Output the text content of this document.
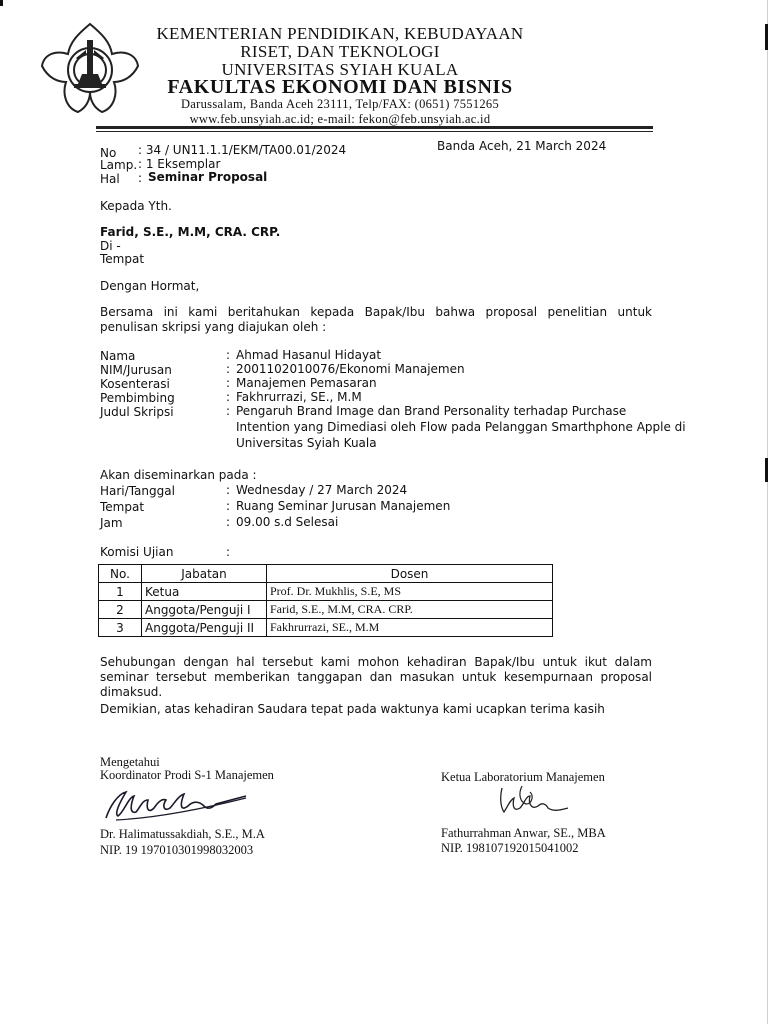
KEMENTERIAN PENDIDIKAN, KEBUDAYAAN
RISET, DAN TEKNOLOGI
UNIVERSITAS SYIAH KUALA
FAKULTAS EKONOMI DAN BISNIS
Darussalam, Banda Aceh 23111, Telp/FAX: (0651) 7551265
www.feb.unsyiah.ac.id; e-mail: fekon@feb.unsyiah.ac.id
No : 34 / UN11.1.1/EKM/TA00.01/2024
Lamp. : 1 Eksemplar
Hal : Seminar Proposal
Banda Aceh, 21 March 2024
Kepada Yth.
Farid, S.E., M.M, CRA. CRP.
Di -
Tempat
Dengan Hormat,
Bersama ini kami beritahukan kepada Bapak/Ibu bahwa proposal penelitian untuk penulisan skripsi yang diajukan oleh :
Nama	: Ahmad Hasanul Hidayat
NIM/Jurusan	: 2001102010076/Ekonomi Manajemen
Kosenterasi	: Manajemen Pemasaran
Pembimbing	: Fakhrurrazi, SE., M.M
Judul Skripsi	: Pengaruh Brand Image dan Brand Personality terhadap Purchase
Intention yang Dimediasi oleh Flow pada Pelanggan Smarthphone Apple di
Universitas Syiah Kuala
Akan diseminarkan pada :
Hari/Tanggal	: Wednesday / 27 March 2024
Tempat	: Ruang Seminar Jurusan Manajemen
Jam	: 09.00 s.d Selesai
Komisi Ujian	:
No.	Jabatan	Dosen
1	Ketua	Prof. Dr. Mukhlis, S.E, MS
2	Anggota/Penguji I	Farid, S.E., M.M, CRA. CRP.
3	Anggota/Penguji II	Fakhrurrazi, SE., M.M
Sehubungan dengan hal tersebut kami mohon kehadiran Bapak/Ibu untuk ikut dalam seminar tersebut memberikan tanggapan dan masukan untuk kesempurnaan proposal dimaksud.
Demikian, atas kehadiran Saudara tepat pada waktunya kami ucapkan terima kasih
Mengetahui
Koordinator Prodi S-1 Manajemen
Dr. Halimatussakdiah, S.E., M.A
NIP. 19 197010301998032003
Ketua Laboratorium Manajemen
Fathurrahman Anwar, SE., MBA
NIP. 198107192015041002
